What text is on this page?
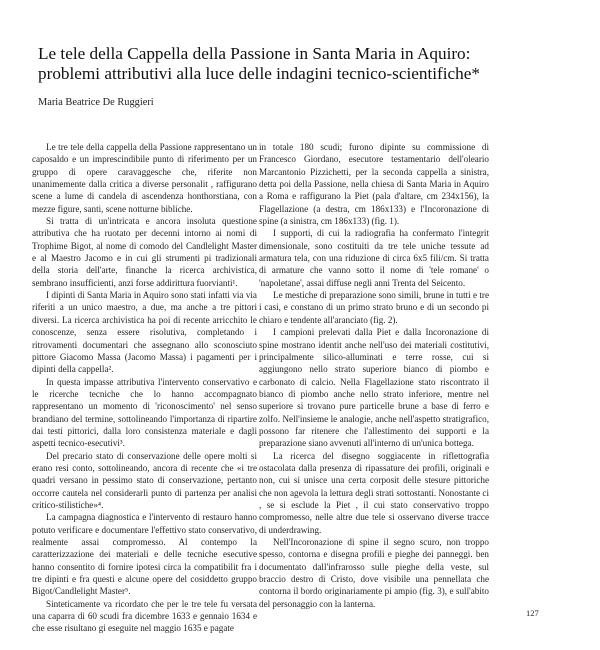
Le tele della Cappella della Passione in Santa Maria in Aquiro:
problemi attributivi alla luce delle indagini tecnico-scientifiche*
Maria Beatrice De Ruggieri

Le tre tele della cappella della Passione rappresentano un caposaldo e un imprescindibile punto di riferimento per un gruppo di opere caravaggesche che, riferite non unanimemente dalla critica a diverse personalit , raffigurano scene a lume di candela di ascendenza honthorstiana, con mezze figure, santi, scene notturne bibliche.

Si tratta di un'intricata e ancora insoluta questione attributiva che ha ruotato per decenni intorno ai nomi di Trophime Bigot, al nome di comodo del Candlelight Master e al Maestro Jacomo e in cui gli strumenti pi tradizionali della storia dell'arte, finanche la ricerca archivistica, sembrano insufficienti, anzi forse addirittura fuorvianti¹.

I dipinti di Santa Maria in Aquiro sono stati infatti via via riferiti a un unico maestro, a due, ma anche a tre pittori diversi. La ricerca archivistica ha poi di recente arricchito le conoscenze, senza essere risolutiva, completando i ritrovamenti documentari che assegnano allo sconosciuto pittore Giacomo Massa (Jacomo Massa) i pagamenti per i dipinti della cappella².

In questa impasse attributiva l'intervento conservativo e le ricerche tecniche che lo hanno accompagnato rappresentano un momento di 'riconoscimento' nel senso brandiano del termine, sottolineando l'importanza di ripartire dai testi pittorici, dalla loro consistenza materiale e dagli aspetti tecnico-esecutivi³.

Del precario stato di conservazione delle opere molti si erano resi conto, sottolineando, ancora di recente che «i tre quadri versano in pessimo stato di conservazione, pertanto occorre cautela nel considerarli punto di partenza per analisi critico-stilistiche»⁴.

La campagna diagnostica e l'intervento di restauro hanno potuto verificare e documentare l'effettivo stato conservativo, realmente assai compromesso. Al contempo la caratterizzazione dei materiali e delle tecniche esecutive hanno consentito di fornire ipotesi circa la compatibilit fra i tre dipinti e fra questi e alcune opere del cosiddetto gruppo Bigot/Candlelight Master⁵.

Sinteticamente va ricordato che per le tre tele fu versata una caparra di 60 scudi fra dicembre 1633 e gennaio 1634 e che esse risultano gi eseguite nel maggio 1635 e pagate

in totale 180 scudi; furono dipinte su commissione di Francesco Giordano, esecutore testamentario dell'oleario Marcantonio Pizzichetti, per la seconda cappella a sinistra, detta poi della Passione, nella chiesa di Santa Maria in Aquiro a Roma e raffigurano la Piet (pala d'altare, cm 234x156), la Flagellazione (a destra, cm 186x133) e l'Incoronazione di spine (a sinistra, cm 186x133) (fig. 1).

I supporti, di cui la radiografia ha confermato l'integrit dimensionale, sono costituiti da tre tele uniche tessute ad armatura tela, con una riduzione di circa 6x5 fili/cm. Si tratta di armature che vanno sotto il nome di 'tele romane' o 'napoletane', assai diffuse negli anni Trenta del Seicento.

Le mestiche di preparazione sono simili, brune in tutti e tre i casi, e constano di un primo strato bruno e di un secondo pi chiaro e tendente all'aranciato (fig. 2).

I campioni prelevati dalla Piet e dalla Incoronazione di spine mostrano identit anche nell'uso dei materiali costitutivi, principalmente silico-alluminati e terre rosse, cui si aggiungono nello strato superiore bianco di piombo e carbonato di calcio. Nella Flagellazione stato riscontrato il bianco di piombo anche nello strato inferiore, mentre nel superiore si trovano pure particelle brune a base di ferro e zolfo. Nell'insieme le analogie, anche nell'aspetto stratigrafico, possono far ritenere che l'allestimento dei supporti e la preparazione siano avvenuti all'interno di un'unica bottega.

La ricerca del disegno soggiacente in riflettografia ostacolata dalla presenza di ripassature dei profili, originali e non, cui si unisce una certa corposit delle stesure pittoriche che non agevola la lettura degli strati sottostanti. Nonostante ci , se si esclude la Piet , il cui stato conservativo troppo compromesso, nelle altre due tele si osservano diverse tracce di underdrawing.

Nell'Incoronazione di spine il segno scuro, non troppo spesso, contorna e disegna profili e pieghe dei panneggi. ben documentato dall'infrarosso sulle pieghe della veste, sul braccio destro di Cristo, dove visibile una pennellata che contorna il bordo originariamente pi ampio (fig. 3), e sull'abito del personaggio con la lanterna.

127
